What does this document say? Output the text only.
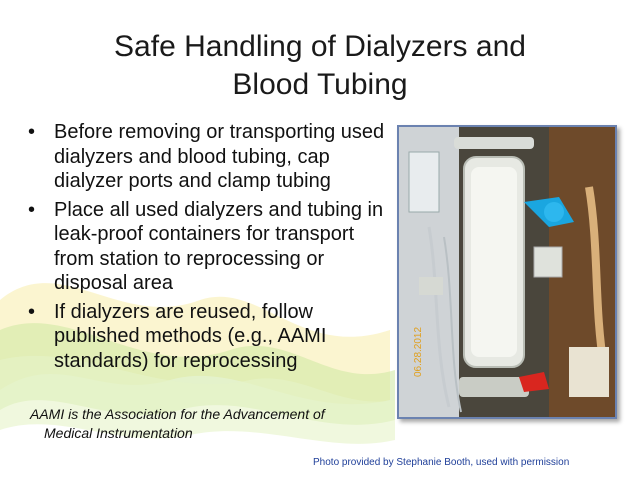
Safe Handling of Dialyzers and
Blood Tubing
• Before removing or transporting used dialyzers and blood tubing, cap dialyzer ports and clamp tubing
• Place all used dialyzers and tubing in leak-proof containers for transport from station to reprocessing or disposal area
• If dialyzers are reused, follow published methods (e.g., AAMI standards) for reprocessing
AAMI is the Association for the Advancement of
Medical Instrumentation
06.28.2012
Photo provided by Stephanie Booth, used with permission
